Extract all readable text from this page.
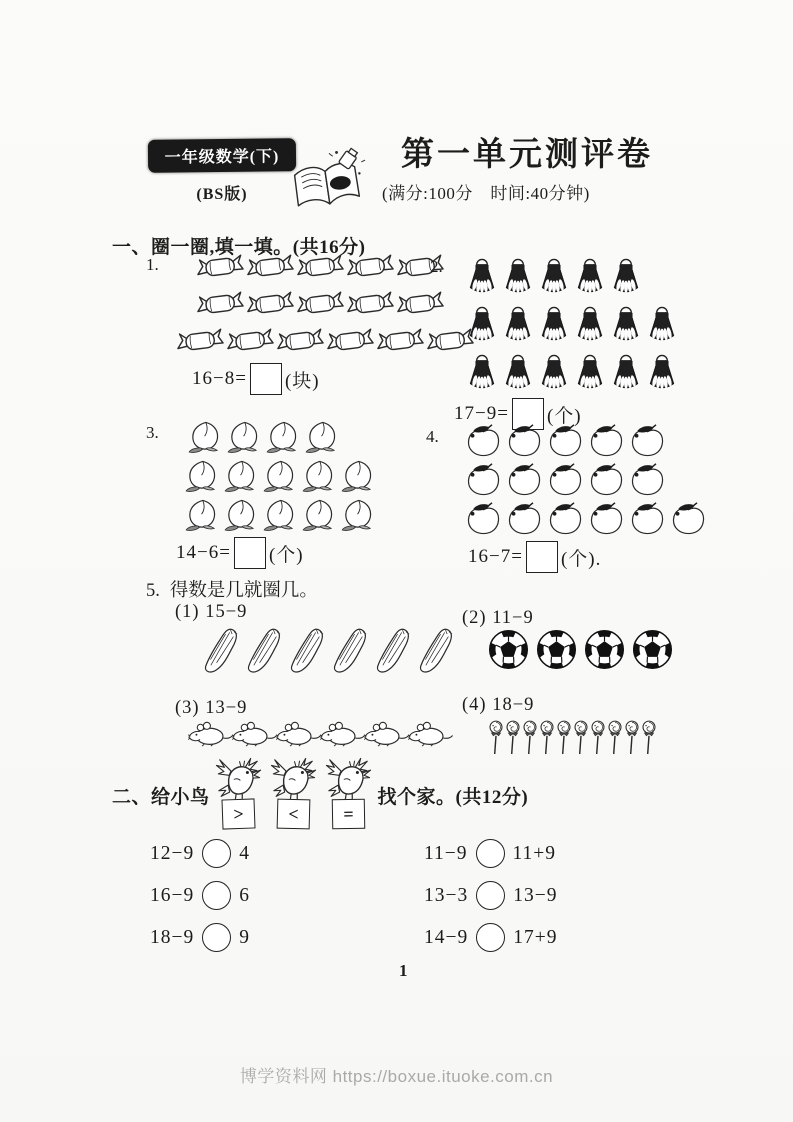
一年级数学(下)
(BS版)
第一单元测评卷
(满分:100分　时间:40分钟)
一、圈一圈,填一填。(共16分)
1.
16−8= (块)
2.
17−9= (个)
3.
14−6= (个)
4.
16−7= (个).
5. 得数是几就圈几。
(1) 15−9	(2) 11−9
(3) 13−9	(4) 18−9
二、给小鸟
>	<	=
找个家。(共12分)
12−9 4
16−9 6
18−9 9
11−9 11+9
13−3 13−9
14−9 17+9
1
博学资料网 https://boxue.ituoke.com.cn
